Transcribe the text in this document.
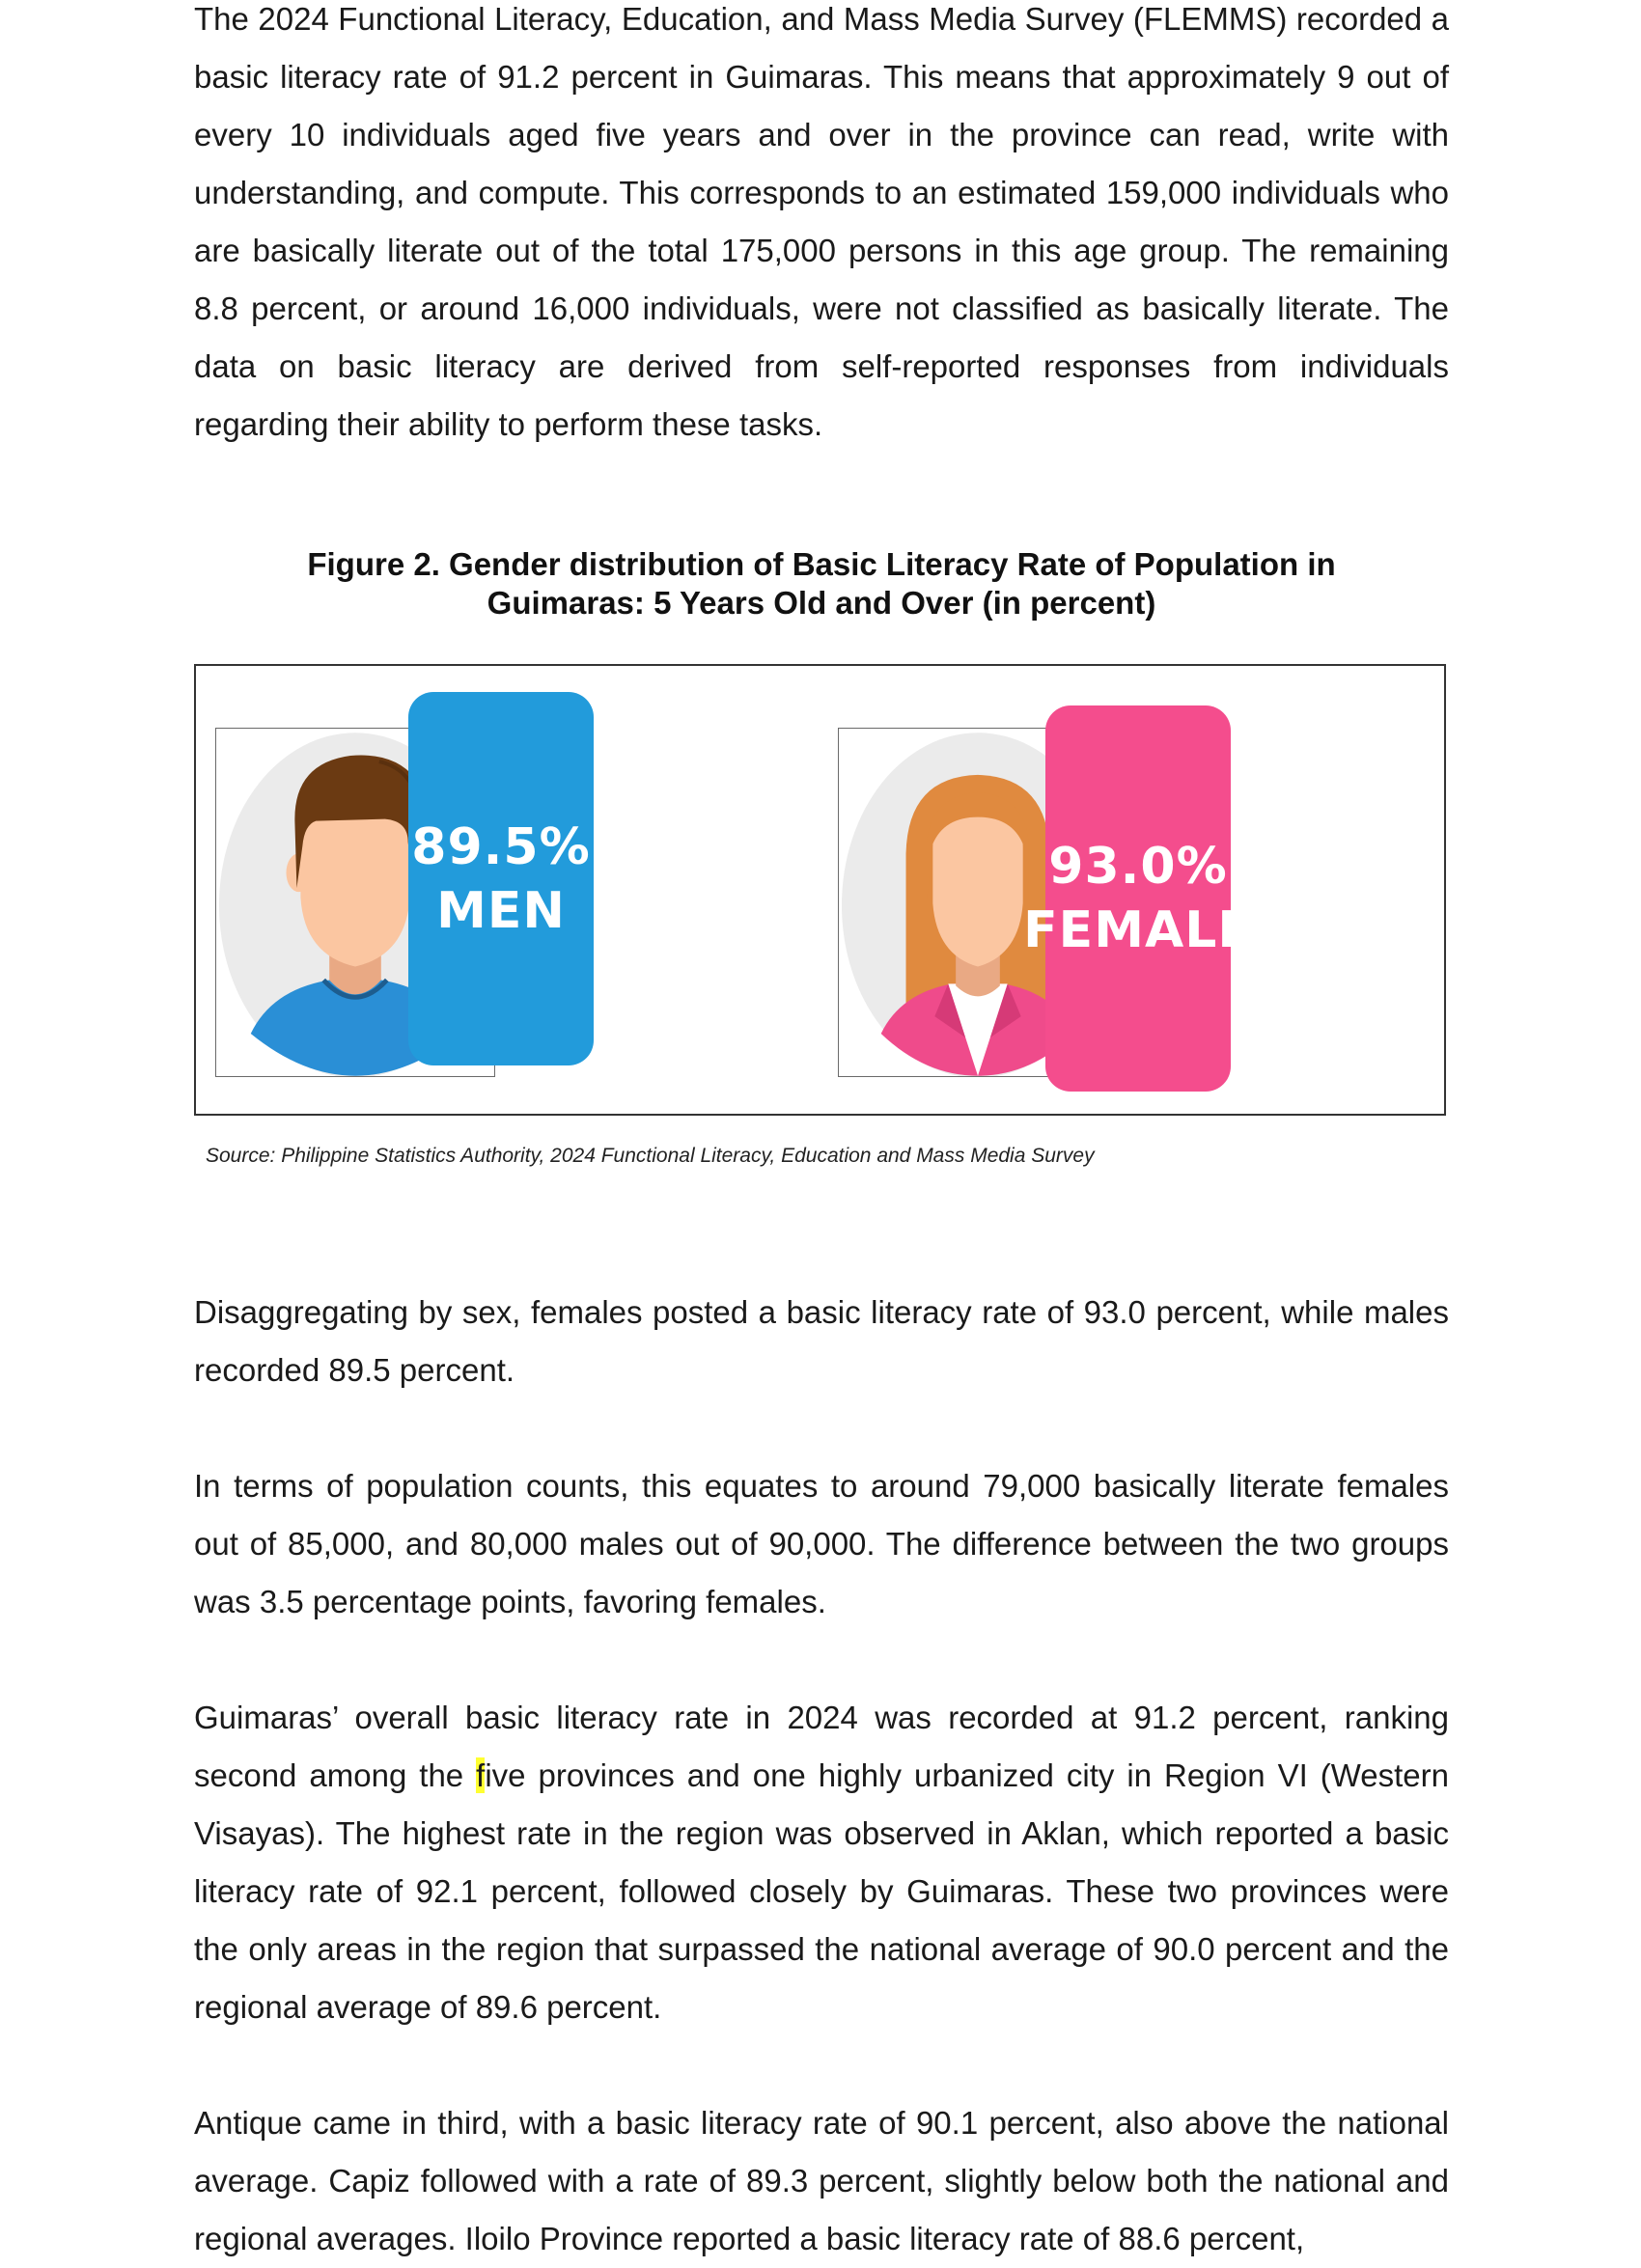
The 2024 Functional Literacy, Education, and Mass Media Survey (FLEMMS) recorded a basic literacy rate of 91.2 percent in Guimaras. This means that approximately 9 out of every 10 individuals aged five years and over in the province can read, write with understanding, and compute. This corresponds to an estimated 159,000 individuals who are basically literate out of the total 175,000 persons in this age group. The remaining 8.8 percent, or around 16,000 individuals, were not classified as basically literate. The data on basic literacy are derived from self-reported responses from individuals regarding their ability to perform these tasks.

Figure 2. Gender distribution of Basic Literacy Rate of Population in
Guimaras: 5 Years Old and Over (in percent)
89.5%
MEN
93.0%
FEMALE
Source: Philippine Statistics Authority, 2024 Functional Literacy, Education and Mass Media Survey

Disaggregating by sex, females posted a basic literacy rate of 93.0 percent, while males recorded 89.5 percent.

In terms of population counts, this equates to around 79,000 basically literate females out of 85,000, and 80,000 males out of 90,000. The difference between the two groups was 3.5 percentage points, favoring females.

Guimaras’ overall basic literacy rate in 2024 was recorded at 91.2 percent, ranking second among the five provinces and one highly urbanized city in Region VI (Western Visayas). The highest rate in the region was observed in Aklan, which reported a basic literacy rate of 92.1 percent, followed closely by Guimaras. These two provinces were the only areas in the region that surpassed the national average of 90.0 percent and the regional average of 89.6 percent.

Antique came in third, with a basic literacy rate of 90.1 percent, also above the national average. Capiz followed with a rate of 89.3 percent, slightly below both the national and regional averages. Iloilo Province reported a basic literacy rate of 88.6 percent,
